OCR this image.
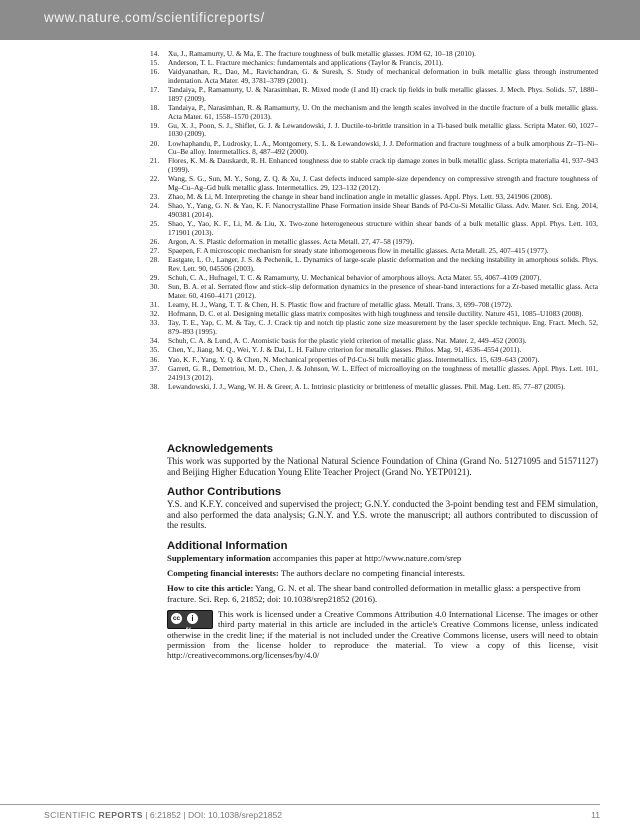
www.nature.com/scientificreports/
14. Xu, J., Ramamurty, U. & Ma, E. The fracture toughness of bulk metallic glasses. JOM 62, 10–18 (2010).
15. Anderson, T. L. Fracture mechanics: fundamentals and applications (Taylor & Francis, 2011).
16. Vaidyanathan, R., Dao, M., Ravichandran, G. & Suresh, S. Study of mechanical deformation in bulk metallic glass through instrumented indentation. Acta Mater. 49, 3781–3789 (2001).
17. Tandaiya, P., Ramamurty, U. & Narasimhan, R. Mixed mode (I and II) crack tip fields in bulk metallic glasses. J. Mech. Phys. Solids. 57, 1880–1897 (2009).
18. Tandaiya, P., Narasimhan, R. & Ramamurty, U. On the mechanism and the length scales involved in the ductile fracture of a bulk metallic glass. Acta Mater. 61, 1558–1570 (2013).
19. Gu, X. J., Poon, S. J., Shiflet, G. J. & Lewandowski, J. J. Ductile-to-brittle transition in a Ti-based bulk metallic glass. Scripta Mater. 60, 1027–1030 (2009).
20. Lowhaphandu, P., Ludrosky, L. A., Montgomery, S. L. & Lewandowski, J. J. Deformation and fracture toughness of a bulk amorphous Zr–Ti–Ni–Cu–Be alloy. Intermetallics. 8, 487–492 (2000).
21. Flores, K. M. & Dauskardt, R. H. Enhanced toughness due to stable crack tip damage zones in bulk metallic glass. Scripta materialia 41, 937–943 (1999).
22. Wang, S. G., Sun, M. Y., Song, Z. Q. & Xu, J. Cast defects induced sample-size dependency on compressive strength and fracture toughness of Mg–Cu–Ag–Gd bulk metallic glass. Intermetallics. 29, 123–132 (2012).
23. Zhao, M. & Li, M. Interpreting the change in shear band inclination angle in metallic glasses. Appl. Phys. Lett. 93, 241906 (2008).
24. Shao, Y., Yang, G. N. & Yao, K. F. Nanocrystalline Phase Formation inside Shear Bands of Pd-Cu-Si Metallic Glass. Adv. Mater. Sci. Eng. 2014, 490381 (2014).
25. Shao, Y., Yao, K. F., Li, M. & Liu, X. Two-zone heterogeneous structure within shear bands of a bulk metallic glass. Appl. Phys. Lett. 103, 171901 (2013).
26. Argon, A. S. Plastic deformation in metallic glasses. Acta Metall. 27, 47–58 (1979).
27. Spaepen, F. A microscopic mechanism for steady state inhomogeneous flow in metallic glasses. Acta Metall. 25, 407–415 (1977).
28. Eastgate, L. O., Langer, J. S. & Pechenik, L. Dynamics of large-scale plastic deformation and the necking instability in amorphous solids. Phys. Rev. Lett. 90, 045506 (2003).
29. Schuh, C. A., Hufnagel, T. C. & Ramamurty, U. Mechanical behavior of amorphous alloys. Acta Mater. 55, 4067–4109 (2007).
30. Sun, B. A. et al. Serrated flow and stick–slip deformation dynamics in the presence of shear-band interactions for a Zr-based metallic glass. Acta Mater. 60, 4160–4171 (2012).
31. Leamy, H. J., Wang, T. T. & Chen, H. S. Plastic flow and fracture of metallic glass. Metall. Trans. 3, 699–708 (1972).
32. Hofmann, D. C. et al. Designing metallic glass matrix composites with high toughness and tensile ductility. Nature 451, 1085–U1083 (2008).
33. Tay, T. E., Yap, C. M. & Tay, C. J. Crack tip and notch tip plastic zone size measurement by the laser speckle technique. Eng. Fract. Mech. 52, 879–893 (1995).
34. Schuh, C. A. & Lund, A. C. Atomistic basis for the plastic yield criterion of metallic glass. Nat. Mater. 2, 449–452 (2003).
35. Chen, Y., Jiang, M. Q., Wei, Y. J. & Dai, L. H. Failure criterion for metallic glasses. Philos. Mag. 91, 4536–4554 (2011).
36. Yao, K. F., Yang, Y. Q. & Chen, N. Mechanical properties of Pd-Cu-Si bulk metallic glass. Intermetallics. 15, 639–643 (2007).
37. Garrett, G. R., Demetriou, M. D., Chen, J. & Johnson, W. L. Effect of microalloying on the toughness of metallic glasses. Appl. Phys. Lett. 101, 241913 (2012).
38. Lewandowski, J. J., Wang, W. H. & Greer, A. L. Intrinsic plasticity or brittleness of metallic glasses. Phil. Mag. Lett. 85, 77–87 (2005).
Acknowledgements

This work was supported by the National Natural Science Foundation of China (Grand No. 51271095 and 51571127) and Beijing Higher Education Young Elite Teacher Project (Grand No. YETP0121).

Author Contributions

Y.S. and K.F.Y. conceived and supervised the project; G.N.Y. conducted the 3-point bending test and FEM simulation, and also performed the data analysis; G.N.Y. and Y.S. wrote the manuscript; all authors contributed to discussion of the results.

Additional Information

Supplementary information accompanies this paper at http://www.nature.com/srep

Competing financial interests: The authors declare no competing financial interests.

How to cite this article: Yang, G. N. et al. The shear band controlled deformation in metallic glass: a perspective from fracture. Sci. Rep. 6, 21852; doi: 10.1038/srep21852 (2016).

cc	i
BY
This work is licensed under a Creative Commons Attribution 4.0 International License. The images or other third party material in this article are included in the article's Creative Commons license, unless indicated otherwise in the credit line; if the material is not included under the Creative Commons license, users will need to obtain permission from the license holder to reproduce the material. To view a copy of this license, visit http://creativecommons.org/licenses/by/4.0/
SCIENTIFIC REPORTS | 6:21852 | DOI: 10.1038/srep21852	11
